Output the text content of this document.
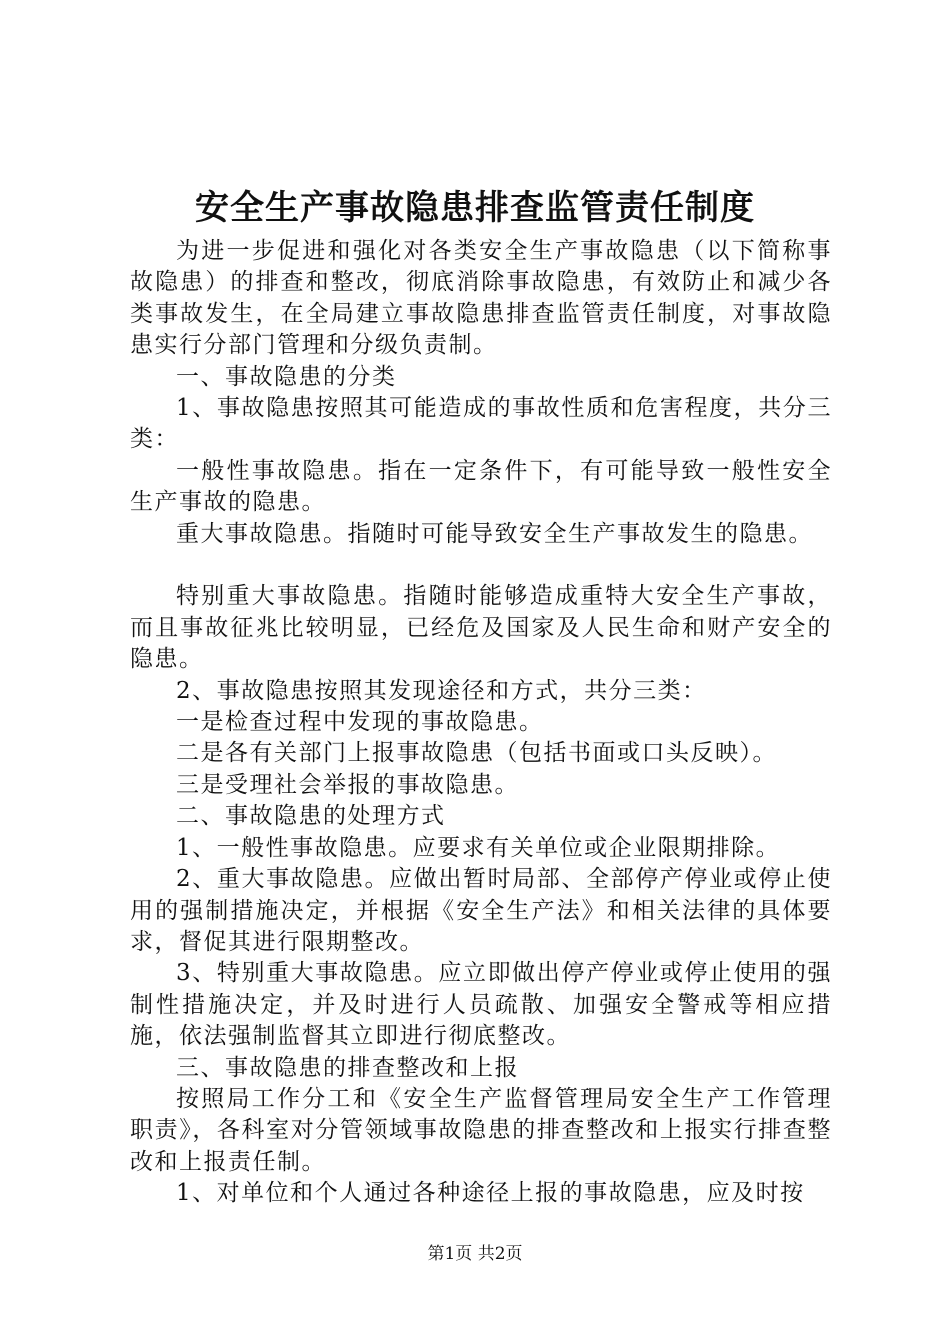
安全生产事故隐患排查监管责任制度

为进一步促进和强化对各类安全生产事故隐患（以下简称事故隐患）的排查和整改，彻底消除事故隐患，有效防止和减少各类事故发生，在全局建立事故隐患排查监管责任制度，对事故隐患实行分部门管理和分级负责制。

一、事故隐患的分类

1、事故隐患按照其可能造成的事故性质和危害程度，共分三类：

一般性事故隐患。指在一定条件下，有可能导致一般性安全生产事故的隐患。

重大事故隐患。指随时可能导致安全生产事故发生的隐患。

特别重大事故隐患。指随时能够造成重特大安全生产事故，而且事故征兆比较明显，已经危及国家及人民生命和财产安全的隐患。

2、事故隐患按照其发现途径和方式，共分三类：

一是检查过程中发现的事故隐患。

二是各有关部门上报事故隐患（包括书面或口头反映）。

三是受理社会举报的事故隐患。

二、事故隐患的处理方式

1、一般性事故隐患。应要求有关单位或企业限期排除。

2、重大事故隐患。应做出暂时局部、全部停产停业或停止使用的强制措施决定，并根据《安全生产法》和相关法律的具体要求，督促其进行限期整改。

3、特别重大事故隐患。应立即做出停产停业或停止使用的强制性措施决定，并及时进行人员疏散、加强安全警戒等相应措施，依法强制监督其立即进行彻底整改。

三、事故隐患的排查整改和上报

按照局工作分工和《安全生产监督管理局安全生产工作管理职责》，各科室对分管领域事故隐患的排查整改和上报实行排查整改和上报责任制。

1、对单位和个人通过各种途径上报的事故隐患，应及时按

第1页 共2页
